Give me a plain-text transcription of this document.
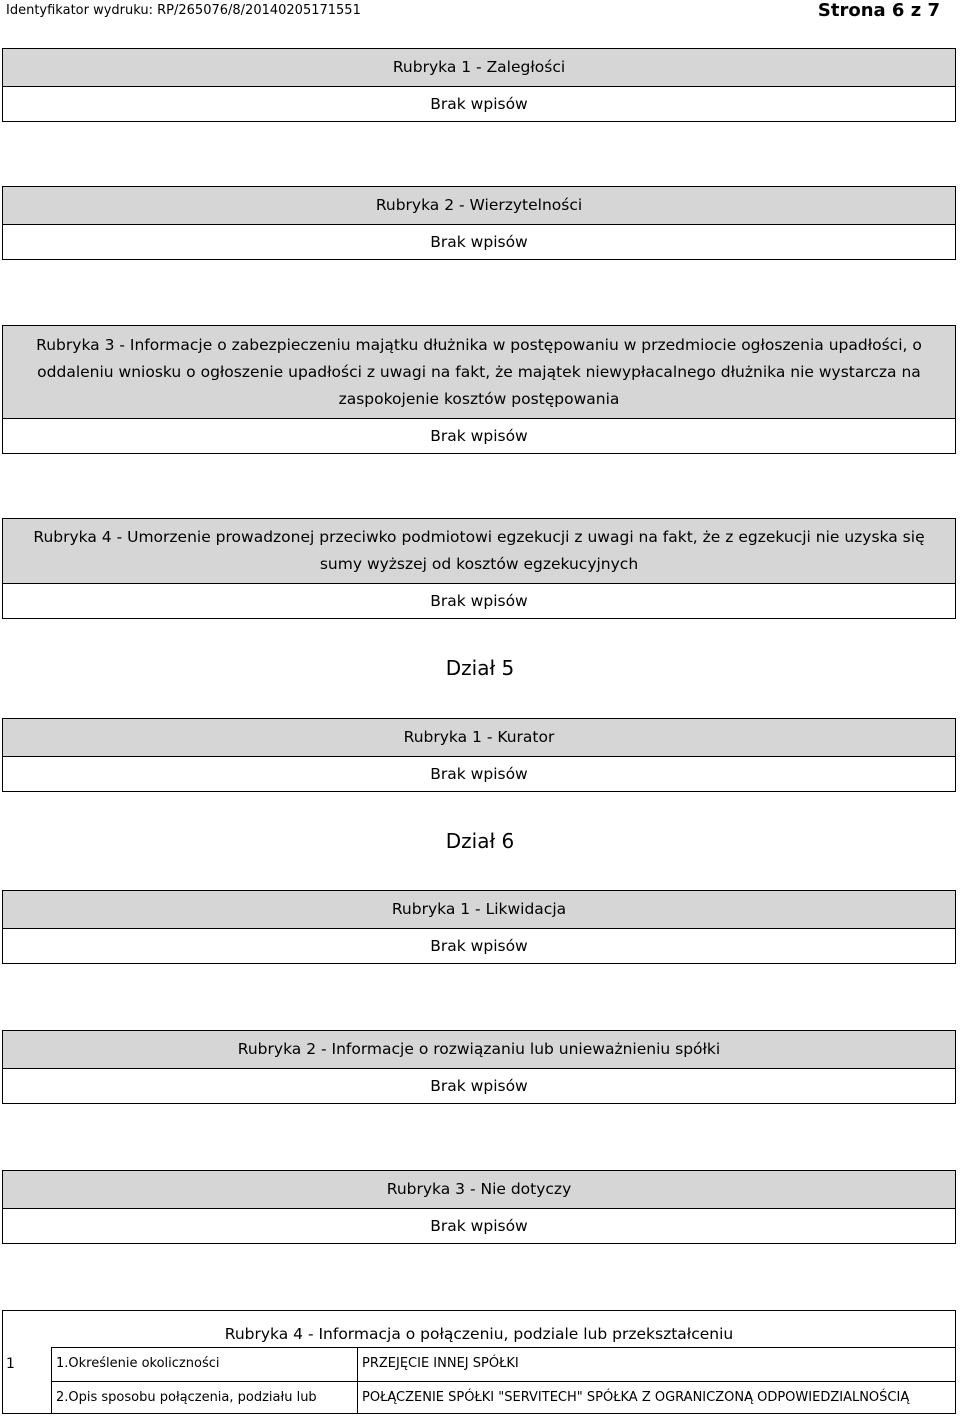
Identyfikator wydruku: RP/265076/8/20140205171551	Strona 6 z 7
Rubryka 1 - Zaległości
Brak wpisów
Rubryka 2 - Wierzytelności
Brak wpisów
Rubryka 3 - Informacje o zabezpieczeniu majątku dłużnika w postępowaniu w przedmiocie ogłoszenia upadłości, o oddaleniu wniosku o ogłoszenie upadłości z uwagi na fakt, że majątek niewypłacalnego dłużnika nie wystarcza na zaspokojenie kosztów postępowania
Brak wpisów
Rubryka 4 - Umorzenie prowadzonej przeciwko podmiotowi egzekucji z uwagi na fakt, że z egzekucji nie uzyska się sumy wyższej od kosztów egzekucyjnych
Brak wpisów
Dział 5
Rubryka 1 - Kurator
Brak wpisów
Dział 6
Rubryka 1 - Likwidacja
Brak wpisów
Rubryka 2 - Informacje o rozwiązaniu lub unieważnieniu spółki
Brak wpisów
Rubryka 3 - Nie dotyczy
Brak wpisów
Rubryka 4 - Informacja o połączeniu, podziale lub przekształceniu
1.Określenie okoliczności	PRZEJĘCIE INNEJ SPÓŁKI
2.Opis sposobu połączenia, podziału lub	POŁĄCZENIE SPÓŁKI "SERVITECH" SPÓŁKA Z OGRANICZONĄ ODPOWIEDZIALNOŚCIĄ
1
